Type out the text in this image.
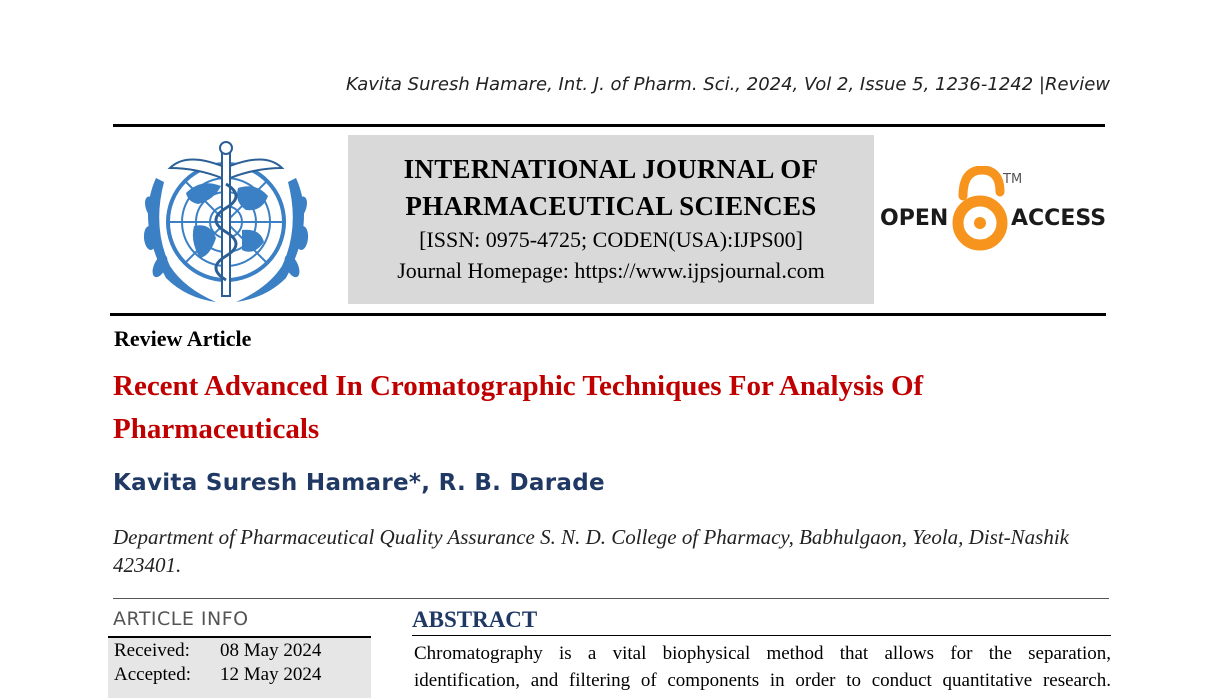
Kavita Suresh Hamare, Int. J. of Pharm. Sci., 2024, Vol 2, Issue 5, 1236-1242 |Review
INTERNATIONAL JOURNAL OF
PHARMACEUTICAL SCIENCES
[ISSN: 0975-4725; CODEN(USA):IJPS00]
Journal Homepage: https://www.ijpsjournal.com
OPEN
TM
ACCESS
Review Article
Recent Advanced In Cromatographic Techniques For Analysis Of Pharmaceuticals
Kavita Suresh Hamare*, R. B. Darade
Department of Pharmaceutical Quality Assurance S. N. D. College of Pharmacy, Babhulgaon, Yeola, Dist-Nashik 423401.
ARTICLE INFO
Received: 08 May 2024
Accepted: 12 May 2024
ABSTRACT
Chromatography is a vital biophysical method that allows for the separation,
identification, and filtering of components in order to conduct quantitative research.
